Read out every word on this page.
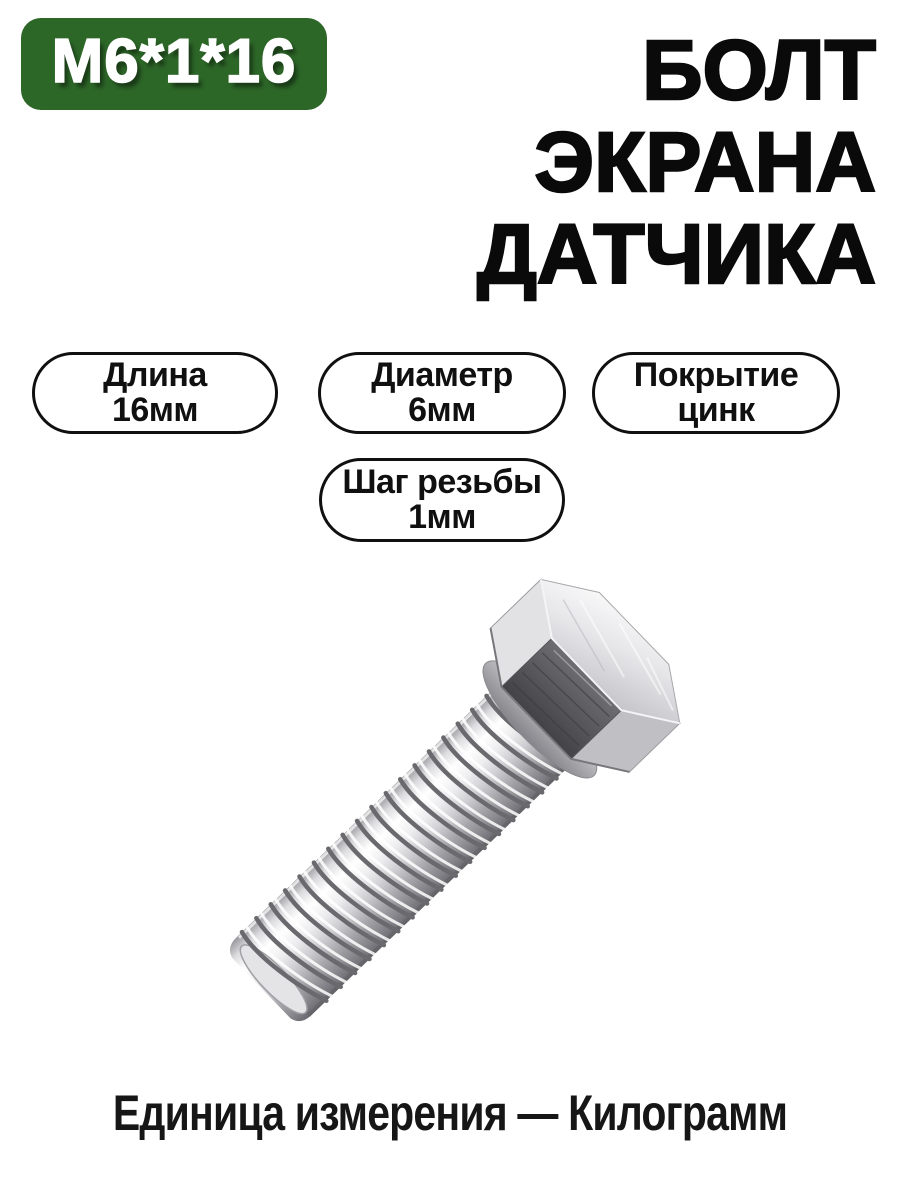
М6*1*16	БОЛТ
ЭКРАНА
ДАТЧИКА
Длина
16мм
Диаметр
6мм
Покрытие
цинк
Шаг резьбы
1мм
Единица измерения — Килограмм
